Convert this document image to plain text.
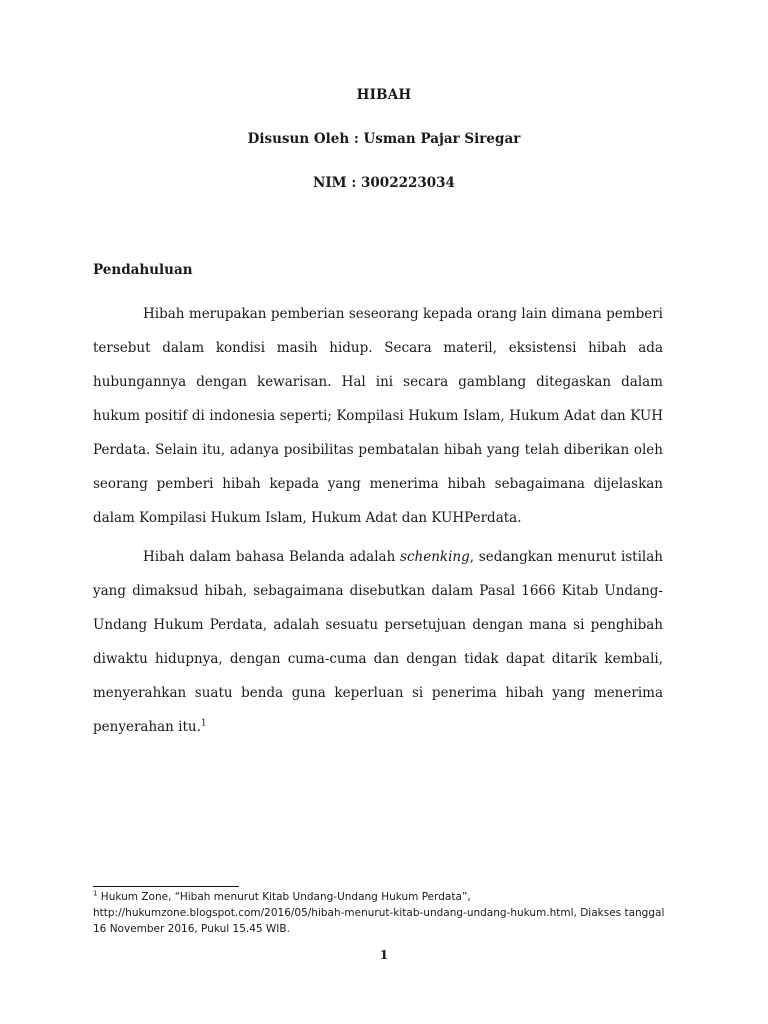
HIBAH
Disusun Oleh : Usman Pajar Siregar
NIM : 3002223034
Pendahuluan

Hibah merupakan pemberian seseorang kepada orang lain dimana pemberi tersebut dalam kondisi masih hidup. Secara materil, eksistensi hibah ada hubungannya dengan kewarisan. Hal ini secara gamblang ditegaskan dalam hukum positif di indonesia seperti; Kompilasi Hukum Islam, Hukum Adat dan KUH Perdata. Selain itu, adanya posibilitas pembatalan hibah yang telah diberikan oleh seorang pemberi hibah kepada yang menerima hibah sebagaimana dijelaskan dalam Kompilasi Hukum Islam, Hukum Adat dan KUHPerdata.

Hibah dalam bahasa Belanda adalah schenking, sedangkan menurut istilah yang dimaksud hibah, sebagaimana disebutkan dalam Pasal 1666 Kitab Undang-Undang Hukum Perdata, adalah sesuatu persetujuan dengan mana si penghibah diwaktu hidupnya, dengan cuma-cuma dan dengan tidak dapat ditarik kembali, menyerahkan suatu benda guna keperluan si penerima hibah yang menerima penyerahan itu.$^1$

$^1$ Hukum Zone, “Hibah menurut Kitab Undang-Undang Hukum Perdata”, http://hukumzone.blogspot.com/2016/05/hibah-menurut-kitab-undang-undang-hukum.html, Diakses tanggal 16 November 2016, Pukul 15.45 WIB.
1
